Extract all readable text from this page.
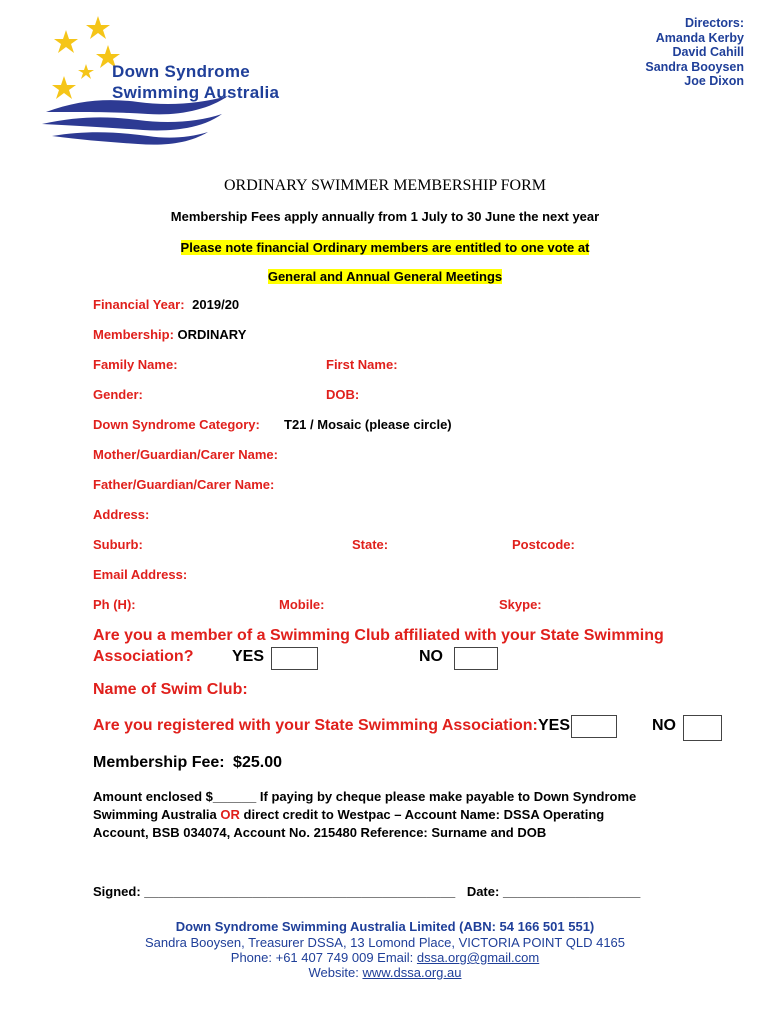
Down Syndrome
Swimming Australia
Directors:
Amanda Kerby
David Cahill
Sandra Booysen
Joe Dixon
ORDINARY SWIMMER MEMBERSHIP FORM
Membership Fees apply annually from 1 July to 30 June the next year
Please note financial Ordinary members are entitled to one vote at
General and Annual General Meetings
Financial Year: 2019/20
Membership: ORDINARY
Family Name:	First Name:
Gender:	DOB:
Down Syndrome Category: T21 / Mosaic (please circle)
Mother/Guardian/Carer Name:
Father/Guardian/Carer Name:
Address:
Suburb:	State:	Postcode:
Email Address:
Ph (H):	Mobile:	Skype:
Are you a member of a Swimming Club affiliated with your State Swimming
Association? YES	NO
Name of Swim Club:
Are you registered with your State Swimming Association: YES	NO
Membership Fee: $25.00
Amount enclosed $______ If paying by cheque please make payable to Down Syndrome
Swimming Australia OR direct credit to Westpac – Account Name: DSSA Operating
Account, BSB 034074, Account No. 215480 Reference: Surname and DOB
Signed: ___________________________________________ Date: ___________________
Down Syndrome Swimming Australia Limited (ABN: 54 166 501 551)
Sandra Booysen, Treasurer DSSA, 13 Lomond Place, VICTORIA POINT QLD 4165
Phone: +61 407 749 009 Email: dssa.org@gmail.com
Website: www.dssa.org.au
